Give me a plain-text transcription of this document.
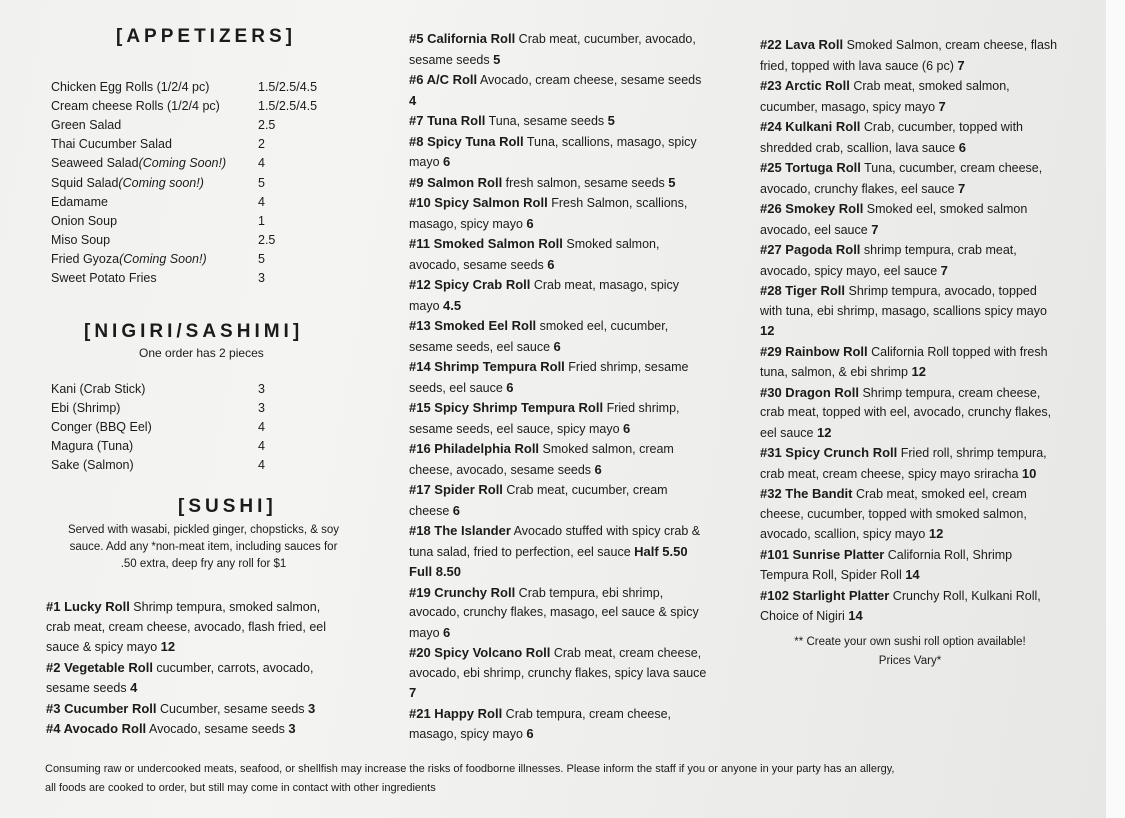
[APPETIZERS]
Chicken Egg Rolls (1/2/4 pc)	1.5/2.5/4.5
Cream cheese Rolls (1/2/4 pc)	1.5/2.5/4.5
Green Salad	2.5
Thai Cucumber Salad	2
Seaweed Salad(Coming Soon!)	4
Squid Salad(Coming soon!)	5
Edamame	4
Onion Soup	1
Miso Soup	2.5
Fried Gyoza(Coming Soon!)	5
Sweet Potato Fries	3
[NIGIRI/SASHIMI]
One order has 2 pieces
Kani (Crab Stick)	3
Ebi (Shrimp)	3
Conger (BBQ Eel)	4
Magura (Tuna)	4
Sake (Salmon)	4
[SUSHI]
Served with wasabi, pickled ginger, chopsticks, & soy
sauce. Add any *non-meat item, including sauces for
.50 extra, deep fry any roll for $1
#1 Lucky Roll Shrimp tempura, smoked salmon, crab meat, cream cheese, avocado, flash fried, eel sauce & spicy mayo 12
#2 Vegetable Roll cucumber, carrots, avocado, sesame seeds 4
#3 Cucumber Roll Cucumber, sesame seeds 3
#4 Avocado Roll Avocado, sesame seeds 3
#5 California Roll Crab meat, cucumber, avocado, sesame seeds 5
#6 A/C Roll Avocado, cream cheese, sesame seeds 4
#7 Tuna Roll Tuna, sesame seeds 5
#8 Spicy Tuna Roll Tuna, scallions, masago, spicy mayo 6
#9 Salmon Roll fresh salmon, sesame seeds 5
#10 Spicy Salmon Roll Fresh Salmon, scallions, masago, spicy mayo 6
#11 Smoked Salmon Roll Smoked salmon, avocado, sesame seeds 6
#12 Spicy Crab Roll Crab meat, masago, spicy mayo 4.5
#13 Smoked Eel Roll smoked eel, cucumber, sesame seeds, eel sauce 6
#14 Shrimp Tempura Roll Fried shrimp, sesame seeds, eel sauce 6
#15 Spicy Shrimp Tempura Roll Fried shrimp, sesame seeds, eel sauce, spicy mayo 6
#16 Philadelphia Roll Smoked salmon, cream cheese, avocado, sesame seeds 6
#17 Spider Roll Crab meat, cucumber, cream cheese 6
#18 The Islander Avocado stuffed with spicy crab & tuna salad, fried to perfection, eel sauce Half 5.50 Full 8.50
#19 Crunchy Roll Crab tempura, ebi shrimp, avocado, crunchy flakes, masago, eel sauce & spicy mayo 6
#20 Spicy Volcano Roll Crab meat, cream cheese, avocado, ebi shrimp, crunchy flakes, spicy lava sauce 7
#21 Happy Roll Crab tempura, cream cheese, masago, spicy mayo 6
#22 Lava Roll Smoked Salmon, cream cheese, flash fried, topped with lava sauce (6 pc) 7
#23 Arctic Roll Crab meat, smoked salmon, cucumber, masago, spicy mayo 7
#24 Kulkani Roll Crab, cucumber, topped with shredded crab, scallion, lava sauce 6
#25 Tortuga Roll Tuna, cucumber, cream cheese, avocado, crunchy flakes, eel sauce 7
#26 Smokey Roll Smoked eel, smoked salmon avocado, eel sauce 7
#27 Pagoda Roll shrimp tempura, crab meat, avocado, spicy mayo, eel sauce 7
#28 Tiger Roll Shrimp tempura, avocado, topped with tuna, ebi shrimp, masago, scallions spicy mayo 12
#29 Rainbow Roll California Roll topped with fresh tuna, salmon, & ebi shrimp 12
#30 Dragon Roll Shrimp tempura, cream cheese, crab meat, topped with eel, avocado, crunchy flakes, eel sauce 12
#31 Spicy Crunch Roll Fried roll, shrimp tempura, crab meat, cream cheese, spicy mayo sriracha 10
#32 The Bandit Crab meat, smoked eel, cream cheese, cucumber, topped with smoked salmon, avocado, scallion, spicy mayo 12
#101 Sunrise Platter California Roll, Shrimp Tempura Roll, Spider Roll 14
#102 Starlight Platter Crunchy Roll, Kulkani Roll, Choice of Nigiri 14
** Create your own sushi roll option available!
Prices Vary*
Consuming raw or undercooked meats, seafood, or shellfish may increase the risks of foodborne illnesses. Please inform the staff if you or anyone in your party has an allergy,
all foods are cooked to order, but still may come in contact with other ingredients
